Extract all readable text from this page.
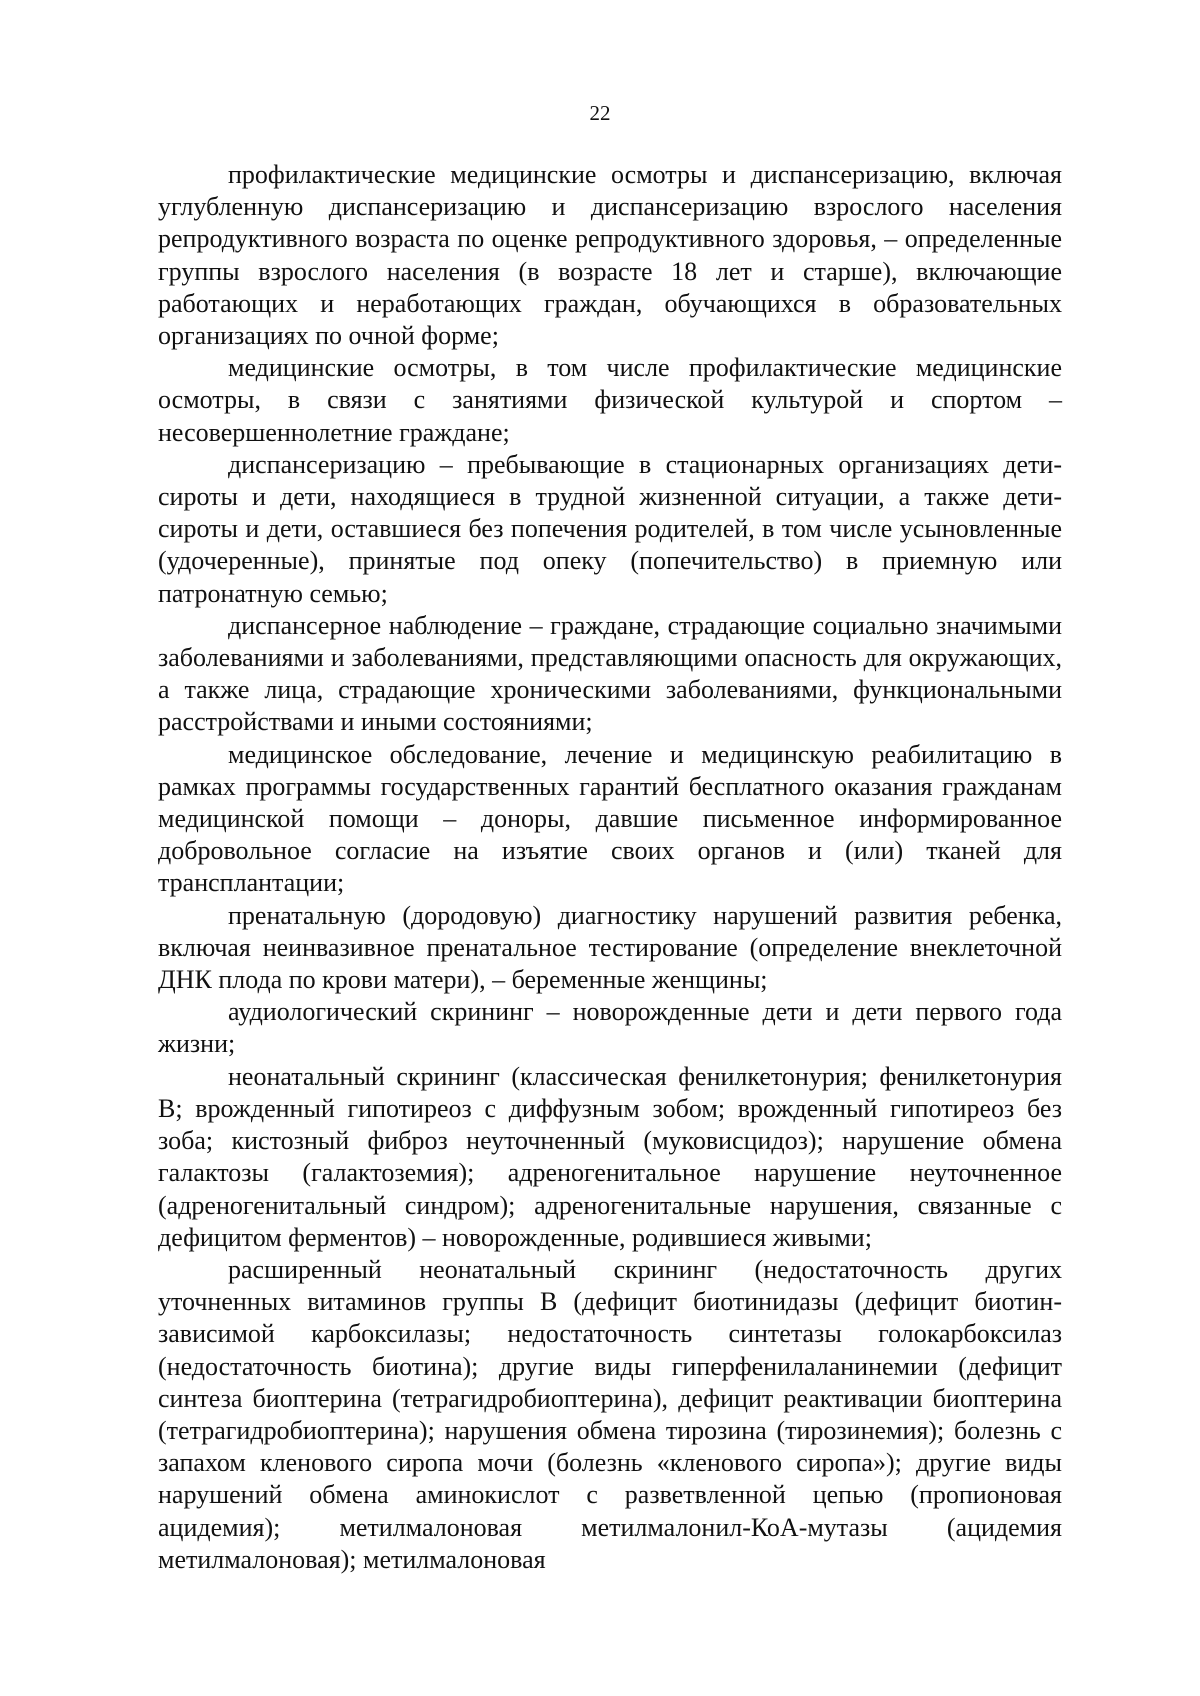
22

профилактические медицинские осмотры и диспансеризацию, включая углубленную диспансеризацию и диспансеризацию взрослого населения репродуктивного возраста по оценке репродуктивного здоровья, – определенные группы взрослого населения (в возрасте 18 лет и старше), включающие работающих и неработающих граждан, обучающихся в образовательных организациях по очной форме;

медицинские осмотры, в том числе профилактические медицинские осмотры, в связи с занятиями физической культурой и спортом – несовершеннолетние граждане;

диспансеризацию – пребывающие в стационарных организациях дети-сироты и дети, находящиеся в трудной жизненной ситуации, а также дети-сироты и дети, оставшиеся без попечения родителей, в том числе усыновленные (удочеренные), принятые под опеку (попечительство) в приемную или патронатную семью;

диспансерное наблюдение – граждане, страдающие социально значимыми заболеваниями и заболеваниями, представляющими опасность для окружающих, а также лица, страдающие хроническими заболеваниями, функциональными расстройствами и иными состояниями;

медицинское обследование, лечение и медицинскую реабилитацию в рамках программы государственных гарантий бесплатного оказания гражданам медицинской помощи – доноры, давшие письменное информированное добровольное согласие на изъятие своих органов и (или) тканей для трансплантации;

пренатальную (дородовую) диагностику нарушений развития ребенка, включая неинвазивное пренатальное тестирование (определение внеклеточной ДНК плода по крови матери), – беременные женщины;

аудиологический скрининг – новорожденные дети и дети первого года жизни;

неонатальный скрининг (классическая фенилкетонурия; фенилкетонурия B; врожденный гипотиреоз с диффузным зобом; врожденный гипотиреоз без зоба; кистозный фиброз неуточненный (муковисцидоз); нарушение обмена галактозы (галактоземия); адреногенитальное нарушение неуточненное (адреногенитальный синдром); адреногенитальные нарушения, связанные с дефицитом ферментов) – новорожденные, родившиеся живыми;

расширенный неонатальный скрининг (недостаточность других уточненных витаминов группы B (дефицит биотинидазы (дефицит биотин-зависимой карбоксилазы; недостаточность синтетазы голокарбоксилаз (недостаточность биотина); другие виды гиперфенилаланинемии (дефицит синтеза биоптерина (тетрагидробиоптерина), дефицит реактивации биоптерина (тетрагидробиоптерина); нарушения обмена тирозина (тирозинемия); болезнь с запахом кленового сиропа мочи (болезнь «кленового сиропа»); другие виды нарушений обмена аминокислот с разветвленной цепью (пропионовая ацидемия); метилмалоновая метилмалонил-КоА-мутазы (ацидемия метилмалоновая); метилмалоновая
